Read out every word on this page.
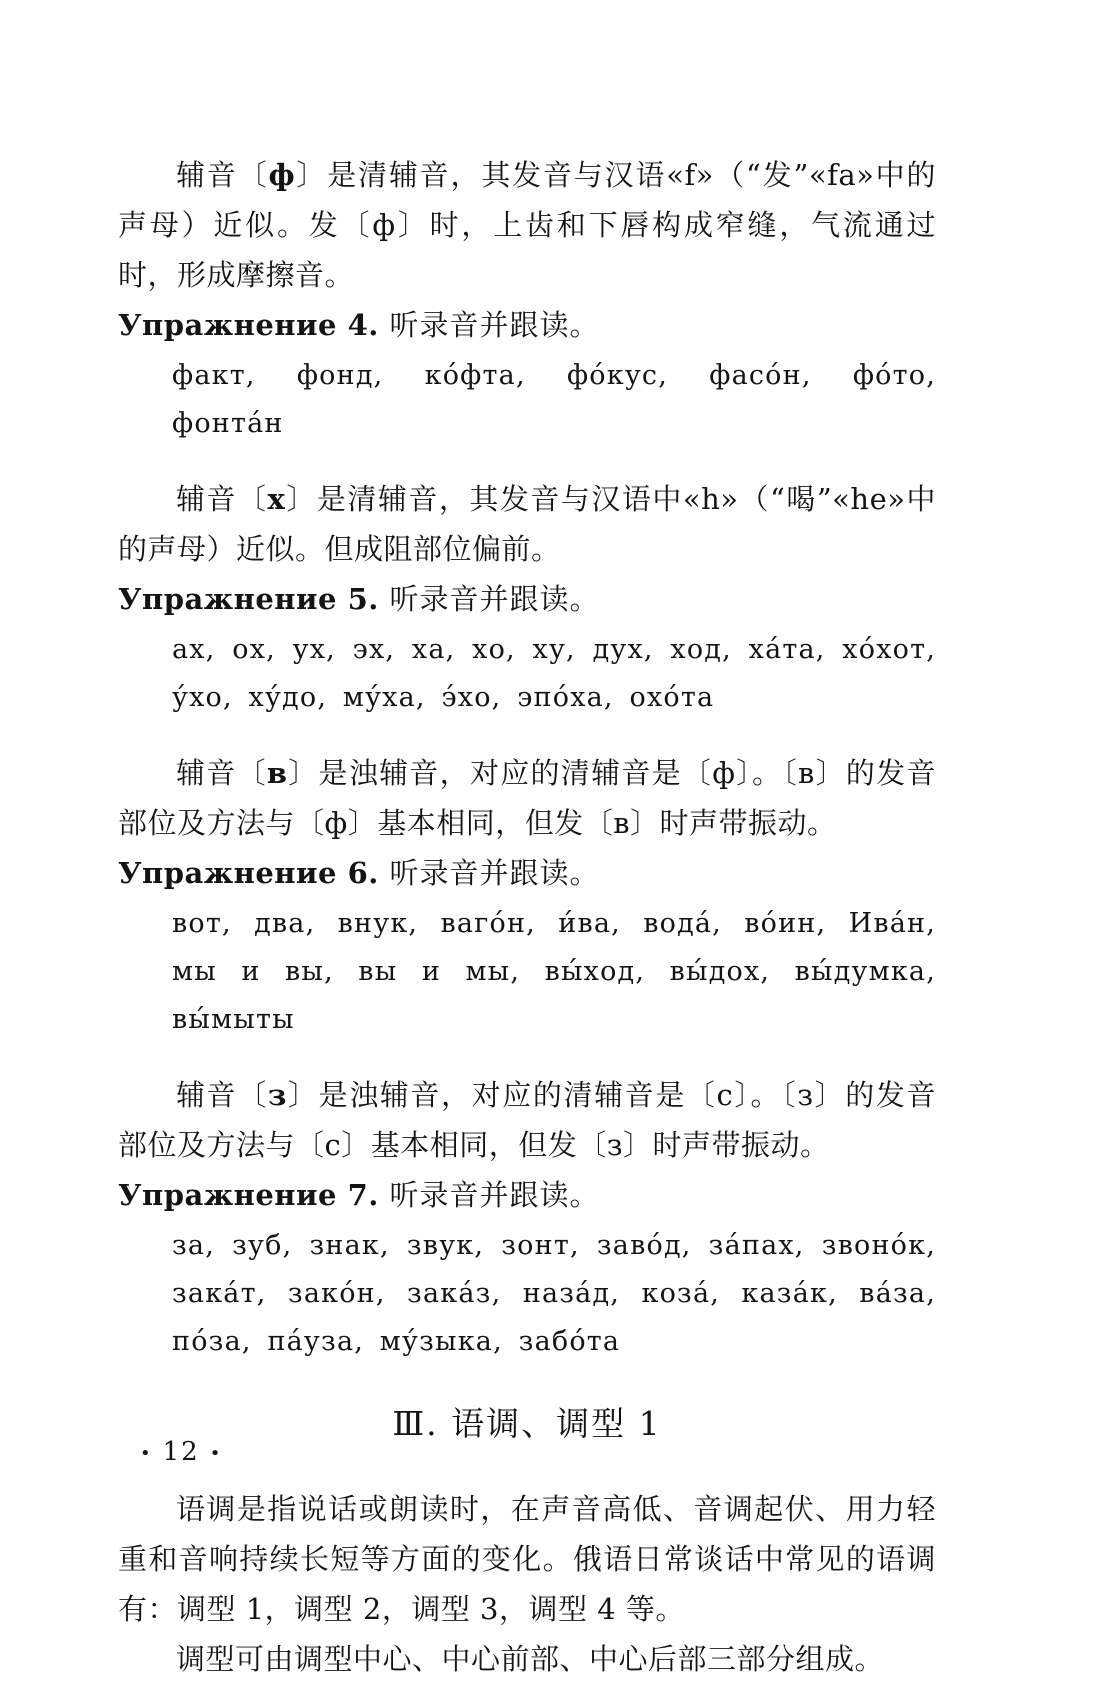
辅音〔ф〕是清辅音，其发音与汉语«f»（“发”«fa»中的声母）近似。发〔ф〕时，上齿和下唇构成窄缝，气流通过时，形成摩擦音。

Упражнение 4. 听录音并跟读。

факт, фонд, ко́фта, фо́кус, фасо́н, фо́то, фонта́н

辅音〔х〕是清辅音，其发音与汉语中«h»（“喝”«he»中的声母）近似。但成阻部位偏前。

Упражнение 5. 听录音并跟读。

ах, ох, ух, эх, ха, хо, ху, дух, ход, ха́та, хо́хот, у́хо, ху́до, му́ха, э́хо, эпо́ха, охо́та

辅音〔в〕是浊辅音，对应的清辅音是〔ф〕。〔в〕的发音部位及方法与〔ф〕基本相同，但发〔в〕时声带振动。

Упражнение 6. 听录音并跟读。

вот, два, внук, ваго́н, и́ва, вода́, во́ин, Ива́н, мы и вы, вы и мы, вы́ход, вы́дох, вы́думка, вы́мыты

辅音〔з〕是浊辅音，对应的清辅音是〔с〕。〔з〕的发音部位及方法与〔с〕基本相同，但发〔з〕时声带振动。

Упражнение 7. 听录音并跟读。

за, зуб, знак, звук, зонт, заво́д, за́пах, звоно́к, зака́т, зако́н, зака́з, наза́д, коза́, каза́к, ва́за, по́за, па́уза, му́зыка, забо́та

Ⅲ. 语调、调型 1

语调是指说话或朗读时，在声音高低、音调起伏、用力轻重和音响持续长短等方面的变化。俄语日常谈话中常见的语调有：调型 1，调型 2，调型 3，调型 4 等。

调型可由调型中心、中心前部、中心后部三部分组成。

• 12 •
